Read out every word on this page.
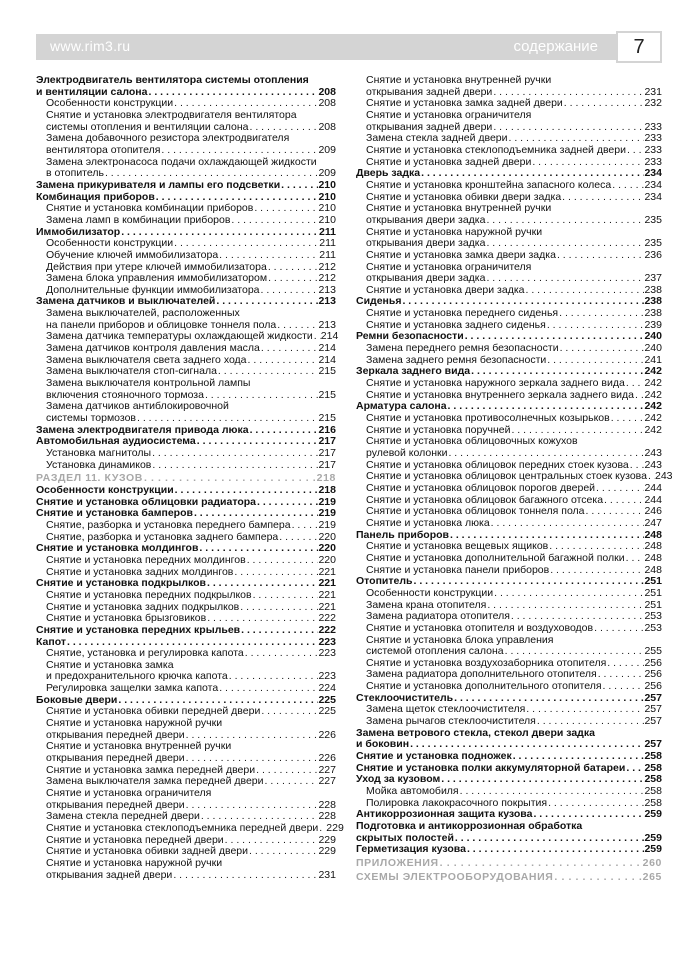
www.rim3.ru	содержание	7
Электродвигатель вентилятора системы отопления
и вентиляции салона . . .	208
Особенности конструкции . . .	208
Снятие и установка электродвигателя вентилятора
системы отопления и вентиляции салона . . .	208
Замена добавочного резистора электродвигателя
вентилятора отопителя . . .	209
Замена электронасоса подачи охлаждающей жидкости
в отопитель . . .	209
Замена прикуривателя и лампы его подсветки . . .	210
Комбинация приборов . . .	210
Снятие и установка комбинации приборов . . .	210
Замена ламп в комбинации приборов . . .	210
Иммобилизатор . . .	211
Особенности конструкции . . .	211
Обучение ключей иммобилизатора . . .	211
Действия при утере ключей иммобилизатора . . .	212
Замена блока управления иммобилизатором . . .	212
Дополнительные функции иммобилизатора . . .	213
Замена датчиков и выключателей . . .	213
Замена выключателей, расположенных
на панели приборов и облицовке тоннеля пола . . .	213
Замена датчика температуры охлаждающей жидкости . . . 214
Замена датчиков контроля давления масла . . .	214
Замена выключателя света заднего хода . . .	214
Замена выключателя стоп-сигнала . . .	215
Замена выключателя контрольной лампы
включения стояночного тормоза . . .	215
Замена датчиков антиблокировочной
системы тормозов . . .	215
Замена электродвигателя привода люка . . .	216
Автомобильная аудиосистема . . .	217
Установка магнитолы . . .	217
Установка динамиков . . .	217
РАЗДЕЛ 11. КУЗОВ . . .	218
Особенности конструкции . . .	218
Снятие и установка облицовки радиатора . . .	219
Снятие и установка бамперов . . .	219
Снятие, разборка и установка переднего бампера . . .	219
Снятие, разборка и установка заднего бампера . . .	220
Снятие и установка молдингов . . .	220
Снятие и установка передних молдингов . . .	220
Снятие и установка задних молдингов . . .	221
Снятие и установка подкрылков . . .	221
Снятие и установка передних подкрылков . . .	221
Снятие и установка задних подкрылков . . .	221
Снятие и установка брызговиков . . .	222
Снятие и установка передних крыльев . . .	222
Капот . . .	223
Снятие, установка и регулировка капота . . .	223
Снятие и установка замка
и предохранительного крючка капота . . .	223
Регулировка защелки замка капота . . .	224
Боковые двери . . .	225
Снятие и установка обивки передней двери . . .	225
Снятие и установка наружной ручки
открывания передней двери . . .	226
Снятие и установка внутренней ручки
открывания передней двери . . .	226
Снятие и установка замка передней двери . . .	227
Замена выключателя замка передней двери . . .	227
Снятие и установка ограничителя
открывания передней двери . . .	228
Замена стекла передней двери . . .	228
Снятие и установка стеклоподъемника передней двери . . . 229
Снятие и установка передней двери . . .	229
Снятие и установка обивки задней двери . . .	229
Снятие и установка наружной ручки
открывания задней двери . . .	231
Снятие и установка внутренней ручки
открывания задней двери . . .	231
Снятие и установка замка задней двери . . .	232
Снятие и установка ограничителя
открывания задней двери . . .	233
Замена стекла задней двери . . .	233
Снятие и установка стеклоподъемника задней двери . . . 233
Снятие и установка задней двери . . .	233
Дверь задка . . .	234
Снятие и установка кронштейна запасного колеса . . .	234
Снятие и установка обивки двери задка . . .	234
Снятие и установка внутренней ручки
открывания двери задка . . .	235
Снятие и установка наружной ручки
открывания двери задка . . .	235
Снятие и установка замка двери задка . . .	236
Снятие и установка ограничителя
открывания двери задка . . .	237
Снятие и установка двери задка . . .	238
Сиденья . . .	238
Снятие и установка переднего сиденья . . .	238
Снятие и установка заднего сиденья . . .	239
Ремни безопасности . . .	240
Замена переднего ремня безопасности . . .	240
Замена заднего ремня безопасности . . .	241
Зеркала заднего вида . . .	242
Снятие и установка наружного зеркала заднего вида . . . 242
Снятие и установка внутреннего зеркала заднего вида . . . 242
Арматура салона . . .	242
Снятие и установка противосолнечных козырьков . . .	242
Снятие и установка поручней . . .	242
Снятие и установка облицовочных кожухов
рулевой колонки . . .	243
Снятие и установка облицовок передних стоек кузова . . . 243
Снятие и установка облицовок центральных стоек кузова . . . 243
Снятие и установка облицовок порогов дверей . . .	244
Снятие и установка облицовок багажного отсека . . .	244
Снятие и установка облицовок тоннеля пола . . .	246
Снятие и установка люка . . .	247
Панель приборов . . .	248
Снятие и установка вещевых ящиков . . .	248
Снятие и установка дополнительной багажной полки . . . 248
Снятие и установка панели приборов . . .	248
Отопитель . . .	251
Особенности конструкции . . .	251
Замена крана отопителя . . .	251
Замена радиатора отопителя . . .	253
Снятие и установка отопителя и воздуховодов . . .	253
Снятие и установка блока управления
системой отопления салона . . .	255
Снятие и установка воздухозаборника отопителя . . .	256
Замена радиатора дополнительного отопителя . . .	256
Снятие и установка дополнительного отопителя . . .	256
Стеклоочиститель . . .	257
Замена щеток стеклоочистителя . . .	257
Замена рычагов стеклоочистителя . . .	257
Замена ветрового стекла, стекол двери задка
и боковин . . .	257
Снятие и установка подножек . . .	258
Снятие и установка полки аккумуляторной батареи . . . 258
Уход за кузовом . . .	258
Мойка автомобиля . . .	258
Полировка лакокрасочного покрытия . . .	258
Антикоррозионная защита кузова . . .	259
Подготовка и антикоррозионная обработка
скрытых полостей . . .	259
Герметизация кузова . . .	259
ПРИЛОЖЕНИЯ . . .	260
СХЕМЫ ЭЛЕКТРООБОРУДОВАНИЯ . . .	265
